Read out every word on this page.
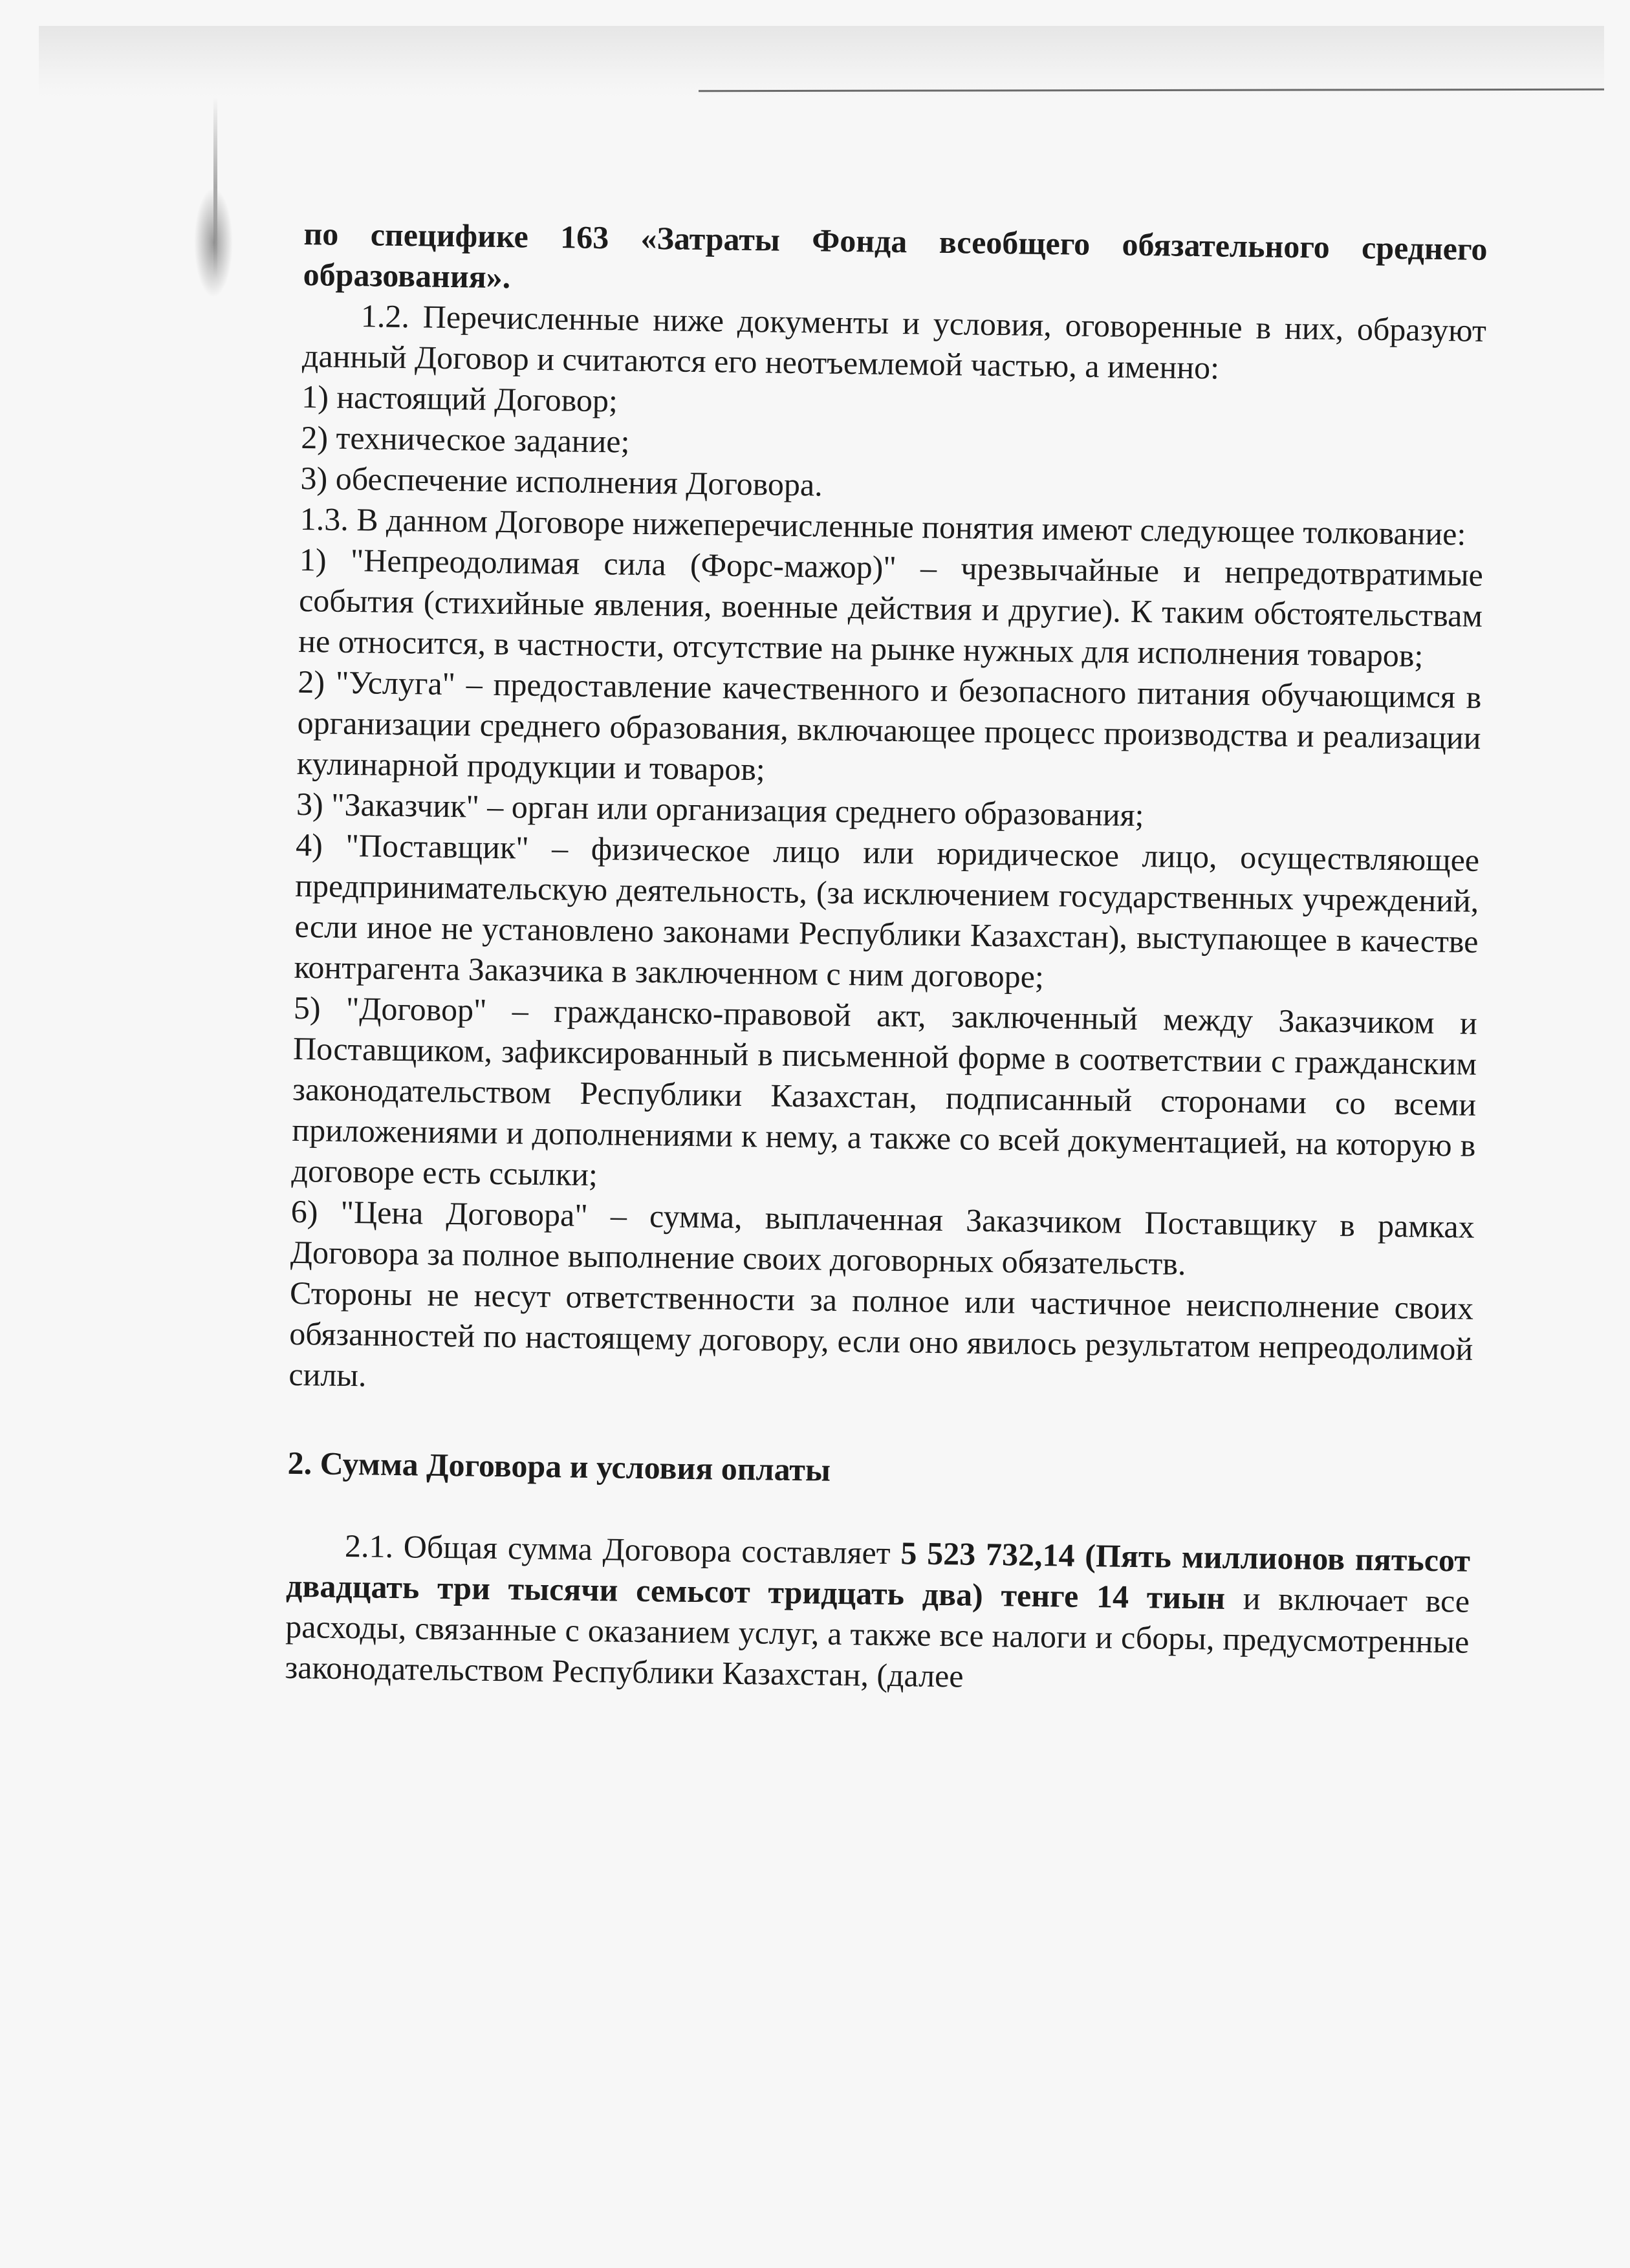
по специфике 163 «Затраты Фонда всеобщего обязательного среднего образования».

1.2. Перечисленные ниже документы и условия, оговоренные в них, образуют данный Договор и считаются его неотъемлемой частью, а именно:

1) настоящий Договор;

2) техническое задание;

3) обеспечение исполнения Договора.

1.3. В данном Договоре нижеперечисленные понятия имеют следующее толкование:

1) "Непреодолимая сила (Форс-мажор)" – чрезвычайные и непредотвратимые события (стихийные явления, военные действия и другие). К таким обстоятельствам не относится, в частности, отсутствие на рынке нужных для исполнения товаров;

2) "Услуга" – предоставление качественного и безопасного питания обучающимся в организации среднего образования, включающее процесс производства и реализации кулинарной продукции и товаров;

3) "Заказчик" – орган или организация среднего образования;

4) "Поставщик" – физическое лицо или юридическое лицо, осуществляющее предпринимательскую деятельность, (за исключением государственных учреждений, если иное не установлено законами Республики Казахстан), выступающее в качестве контрагента Заказчика в заключенном с ним договоре;

5) "Договор" – гражданско-правовой акт, заключенный между Заказчиком и Поставщиком, зафиксированный в письменной форме в соответствии с гражданским законодательством Республики Казахстан, подписанный сторонами со всеми приложениями и дополнениями к нему, а также со всей документацией, на которую в договоре есть ссылки;

6) "Цена Договора" – сумма, выплаченная Заказчиком Поставщику в рамках Договора за полное выполнение своих договорных обязательств.

Стороны не несут ответственности за полное или частичное неисполнение своих обязанностей по настоящему договору, если оно явилось результатом непреодолимой силы.

2. Сумма Договора и условия оплаты

2.1. Общая сумма Договора составляет 5 523 732,14 (Пять миллионов пятьсот двадцать три тысячи семьсот тридцать два) тенге 14 тиын и включает все расходы, связанные с оказанием услуг, а также все налоги и сборы, предусмотренные законодательством Республики Казахстан, (далее
